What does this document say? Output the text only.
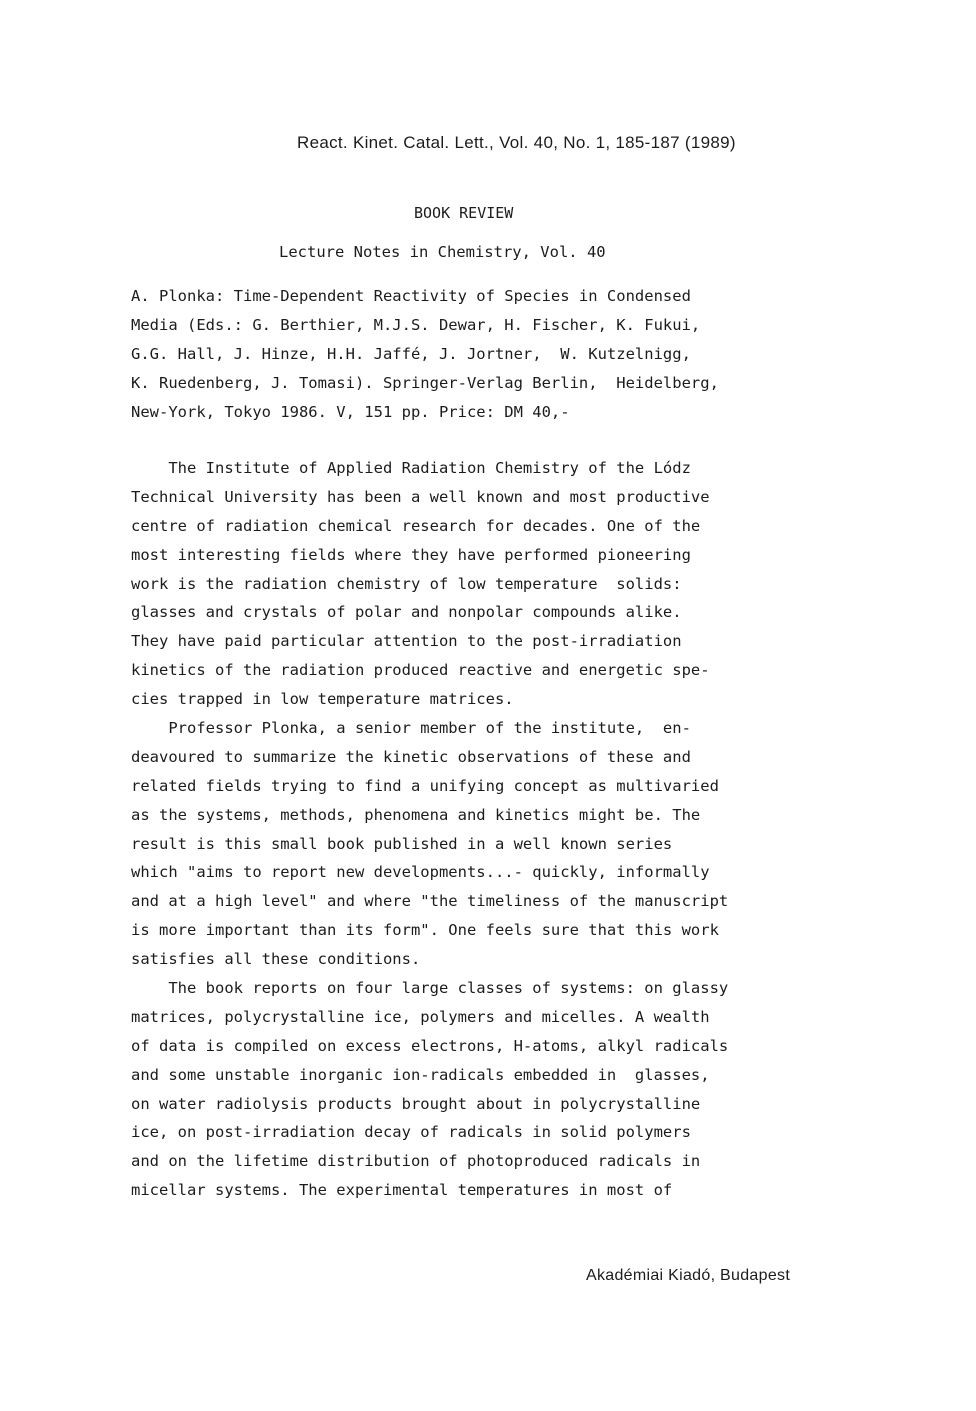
React. Kinet. Catal. Lett., Vol. 40, No. 1, 185-187 (1989)
BOOK REVIEW
Lecture Notes in Chemistry, Vol. 40
A. Plonka: Time-Dependent Reactivity of Species in Condensed
Media (Eds.: G. Berthier, M.J.S. Dewar, H. Fischer, K. Fukui,
G.G. Hall, J. Hinze, H.H. Jaffé, J. Jortner,  W. Kutzelnigg,
K. Ruedenberg, J. Tomasi). Springer-Verlag Berlin,  Heidelberg,
New-York, Tokyo 1986. V, 151 pp. Price: DM 40,-
The Institute of Applied Radiation Chemistry of the Lódz
Technical University has been a well known and most productive
centre of radiation chemical research for decades. One of the
most interesting fields where they have performed pioneering
work is the radiation chemistry of low temperature  solids:
glasses and crystals of polar and nonpolar compounds alike.
They have paid particular attention to the post-irradiation
kinetics of the radiation produced reactive and energetic spe-
cies trapped in low temperature matrices.
Professor Plonka, a senior member of the institute,  en-
deavoured to summarize the kinetic observations of these and
related fields trying to find a unifying concept as multivaried
as the systems, methods, phenomena and kinetics might be. The
result is this small book published in a well known series
which "aims to report new developments...- quickly, informally
and at a high level" and where "the timeliness of the manuscript
is more important than its form". One feels sure that this work
satisfies all these conditions.
The book reports on four large classes of systems: on glassy
matrices, polycrystalline ice, polymers and micelles. A wealth
of data is compiled on excess electrons, H-atoms, alkyl radicals
and some unstable inorganic ion-radicals embedded in  glasses,
on water radiolysis products brought about in polycrystalline
ice, on post-irradiation decay of radicals in solid polymers
and on the lifetime distribution of photoproduced radicals in
micellar systems. The experimental temperatures in most of
Akadémiai Kiadó, Budapest
